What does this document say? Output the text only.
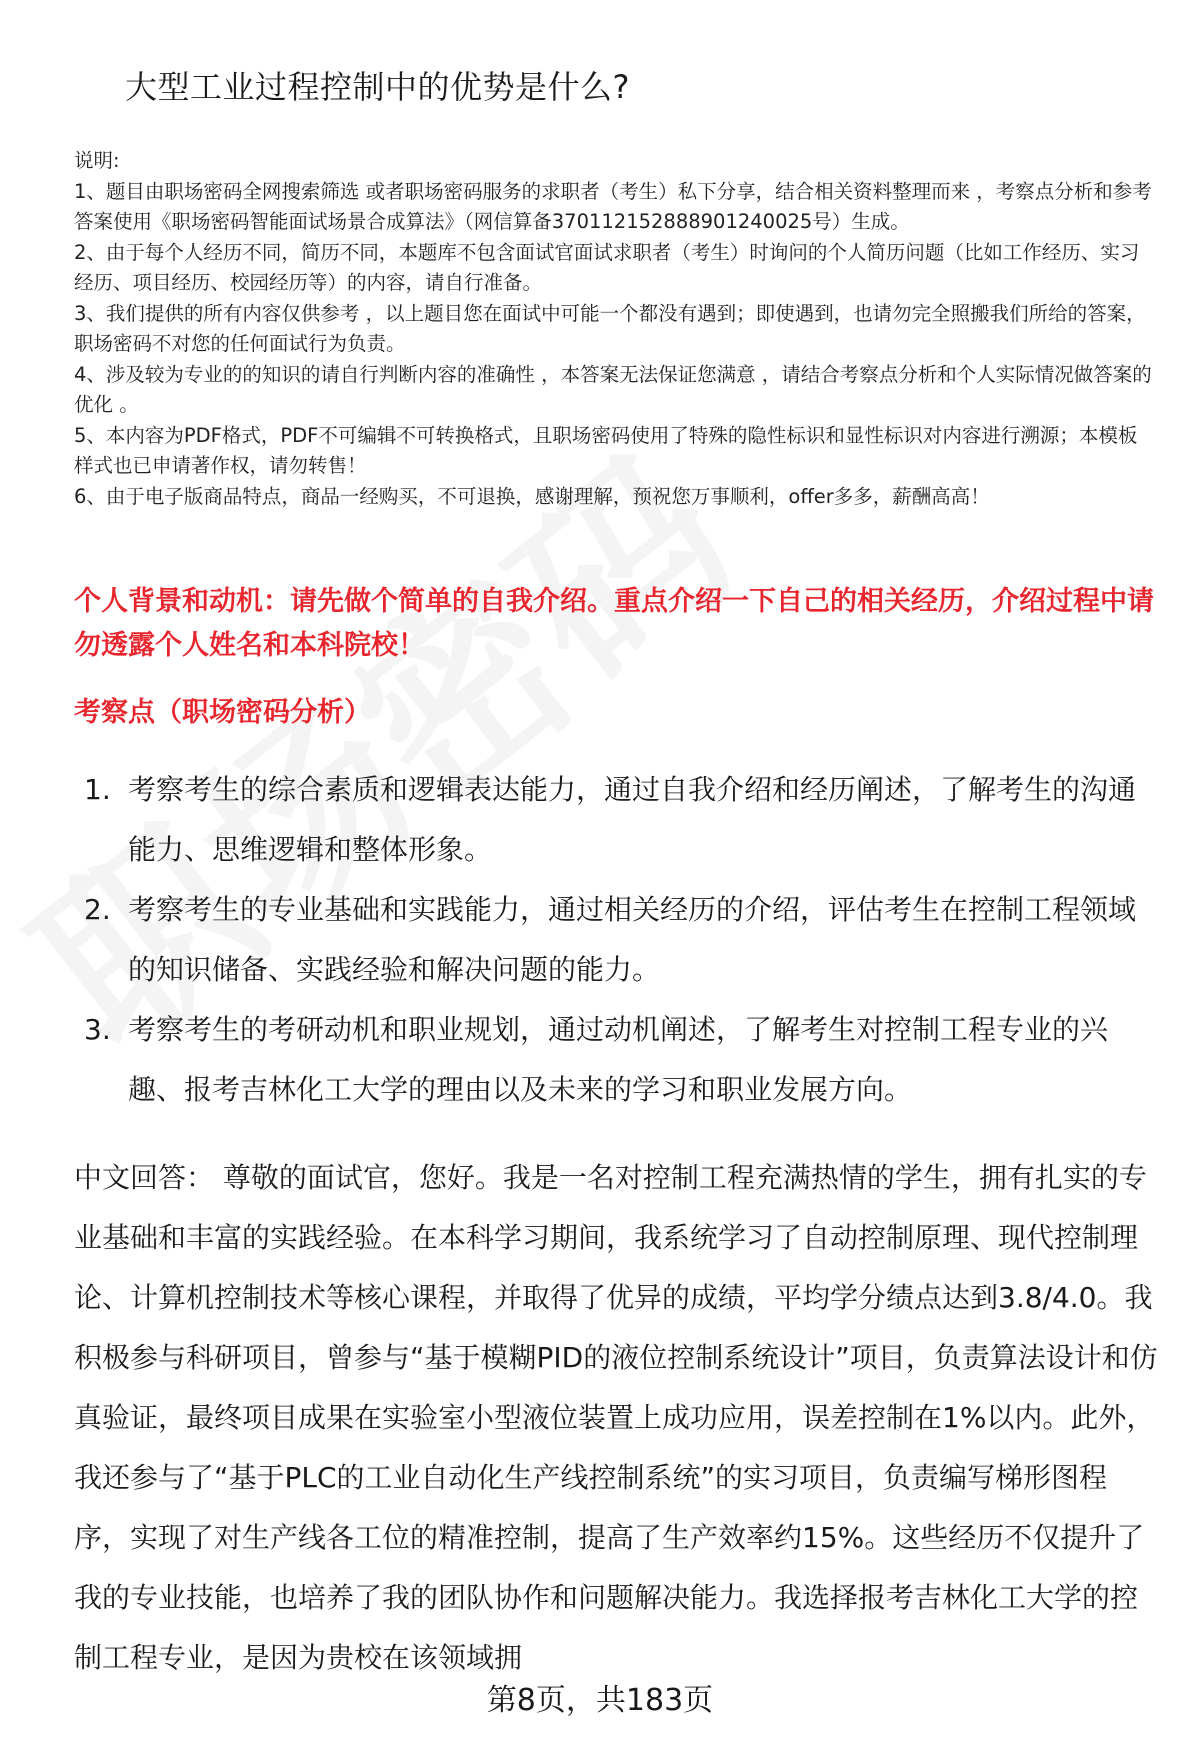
大型工业过程控制中的优势是什么?

说明:

1、题目由职场密码全网搜索筛选 或者职场密码服务的求职者（考生）私下分享，结合相关资料整理而来 ，考察点分析和参考答案使用《职场密码智能面试场景合成算法》（网信算备370112152888901240025号）生成。

2、由于每个人经历不同，简历不同，本题库不包含面试官面试求职者（考生）时询问的个人简历问题（比如工作经历、实习经历、项目经历、校园经历等）的内容，请自行准备。

3、我们提供的所有内容仅供参考 ，以上题目您在面试中可能一个都没有遇到；即使遇到，也请勿完全照搬我们所给的答案，职场密码不对您的任何面试行为负责。

4、涉及较为专业的的知识的请自行判断内容的准确性 ，本答案无法保证您满意 ，请结合考察点分析和个人实际情况做答案的优化 。

5、本内容为PDF格式，PDF不可编辑不可转换格式，且职场密码使用了特殊的隐性标识和显性标识对内容进行溯源；本模板样式也已申请著作权，请勿转售！

6、由于电子版商品特点，商品一经购买，不可退换，感谢理解，预祝您万事顺利，offer多多，薪酬高高！

个人背景和动机：请先做个简单的自我介绍。重点介绍一下自己的相关经历，介绍过程中请勿透露个人姓名和本科院校！
考察点（职场密码分析）
1. 考察考生的综合素质和逻辑表达能力，通过自我介绍和经历阐述，了解考生的沟通能力、思维逻辑和整体形象。
2. 考察考生的专业基础和实践能力，通过相关经历的介绍，评估考生在控制工程领域的知识储备、实践经验和解决问题的能力。
3. 考察考生的考研动机和职业规划，通过动机阐述，了解考生对控制工程专业的兴趣、报考吉林化工大学的理由以及未来的学习和职业发展方向。

中文回答： 尊敬的面试官，您好。我是一名对控制工程充满热情的学生，拥有扎实的专业基础和丰富的实践经验。在本科学习期间，我系统学习了自动控制原理、现代控制理论、计算机控制技术等核心课程，并取得了优异的成绩，平均学分绩点达到3.8/4.0。我积极参与科研项目，曾参与“基于模糊PID的液位控制系统设计”项目，负责算法设计和仿真验证，最终项目成果在实验室小型液位装置上成功应用，误差控制在1%以内。此外，我还参与了“基于PLC的工业自动化生产线控制系统”的实习项目，负责编写梯形图程序，实现了对生产线各工位的精准控制，提高了生产效率约15%。这些经历不仅提升了我的专业技能，也培养了我的团队协作和问题解决能力。我选择报考吉林化工大学的控制工程专业，是因为贵校在该领域拥

第8页，共183页
